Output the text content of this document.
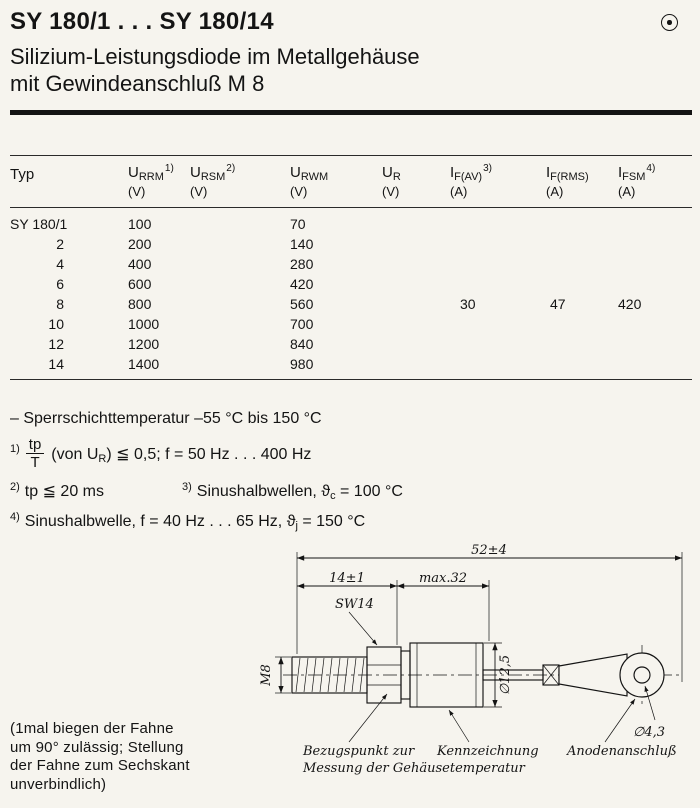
SY 180/1 . . . SY 180/14
Silizium-Leistungsdiode im Metallgehäuse
mit Gewindeanschluß M 8
Typ	$U_{RRM}^{1)}$	$U_{RSM}^{2)}$	$U_{RWM}$	$U_R$	$I_{F(AV)}^{3)}$	$I_{F(RMS)}$	$I_{FSM}^{4)}$
	(V)	(V)	(V)	(V)	(A)	(A)	(A)
SY 180/1	100		70				
2	200		140				
4	400		280				
6	600		420				
8	800		560		30	47	420
10	1000		700				
12	1200		840				
14	1400		980				
– Sperrschichttemperatur –55 °C bis 150 °C
$^{1)} \frac{tp}{T} (von$ $U_R$) ≦ 0,5; f = 50 Hz . . . 400 Hz
$^{2)}$ tp ≦ 20 ms	$^{3)}$ Sinushalbwellen, $ϑ_c = 100$ °C
$^{4)}$ Sinushalbwelle, f = 40 Hz . . . 65 Hz, $ϑ_j = 150$ °C
(1mal biegen der Fahne
um 90° zulässig; Stellung
der Fahne zum Sechskant
unverbindlich)
52±4
14±1	max.32
SW14
M8	∅12,5
∅4,3
Bezugspunkt zur
Messung der Gehäusetemperatur
Kennzeichnung Anodenanschluß
